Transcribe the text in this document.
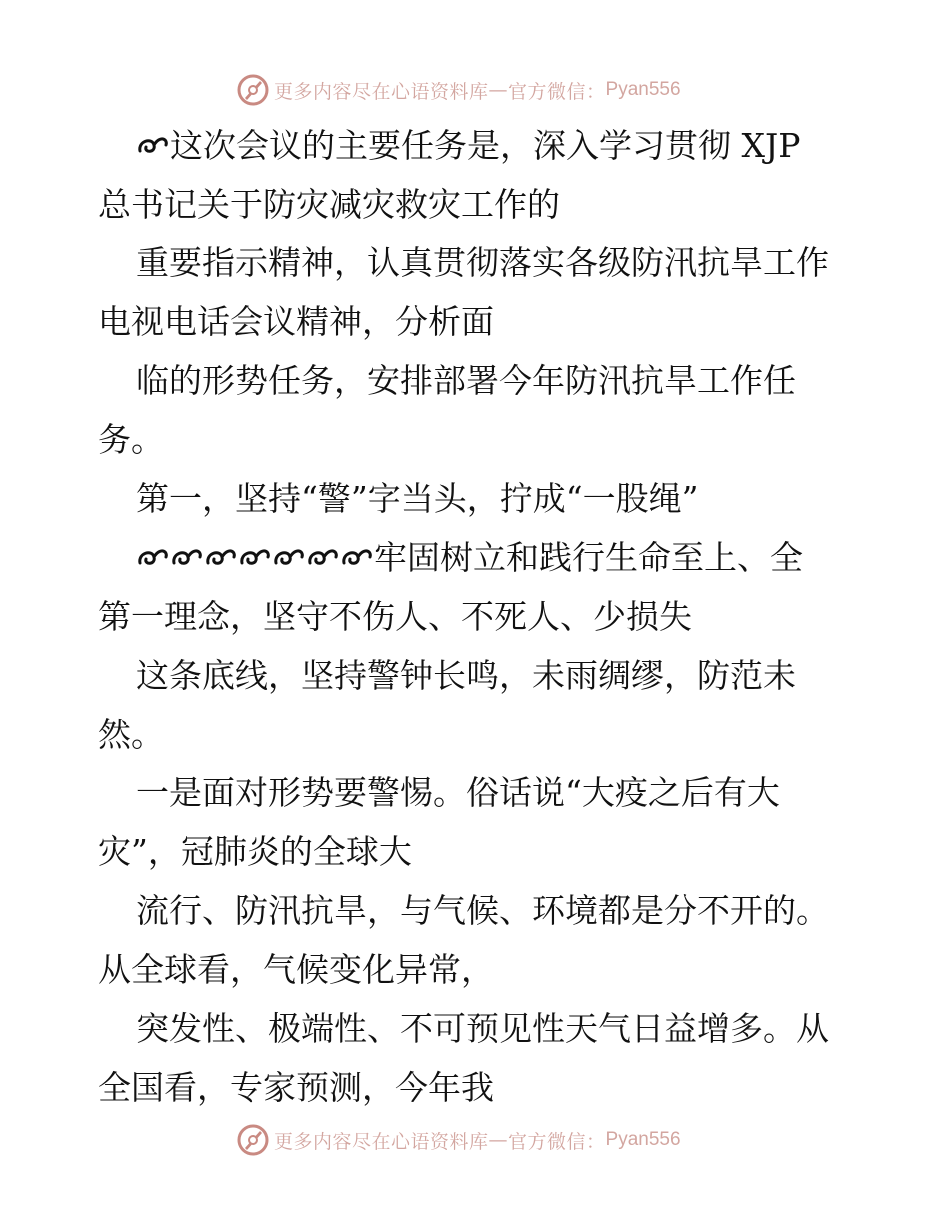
更多内容尽在心语资料库 — 官方微信： Pyan556
这次会议的主要任务是，深入学习贯彻 XJP
总书记关于防灾减灾救灾工作的
重要指示精神，认真贯彻落实各级防汛抗旱工作
电视电话会议精神，分析面
临的形势任务，安排部署今年防汛抗旱工作任
务。
第一，坚持“警”字当头，拧成“一股绳”
牢固树立和践行生命至上、全
第一理念，坚守不伤人、不死人、少损失
这条底线，坚持警钟长鸣，未雨绸缪，防范未
然。
一是面对形势要警惕。俗话说“大疫之后有大
灾”，冠肺炎的全球大
流行、防汛抗旱，与气候、环境都是分不开的。
从全球看，气候变化异常，
突发性、极端性、不可预见性天气日益增多。从
全国看，专家预测，今年我
更多内容尽在心语资料库 — 官方微信： Pyan556
